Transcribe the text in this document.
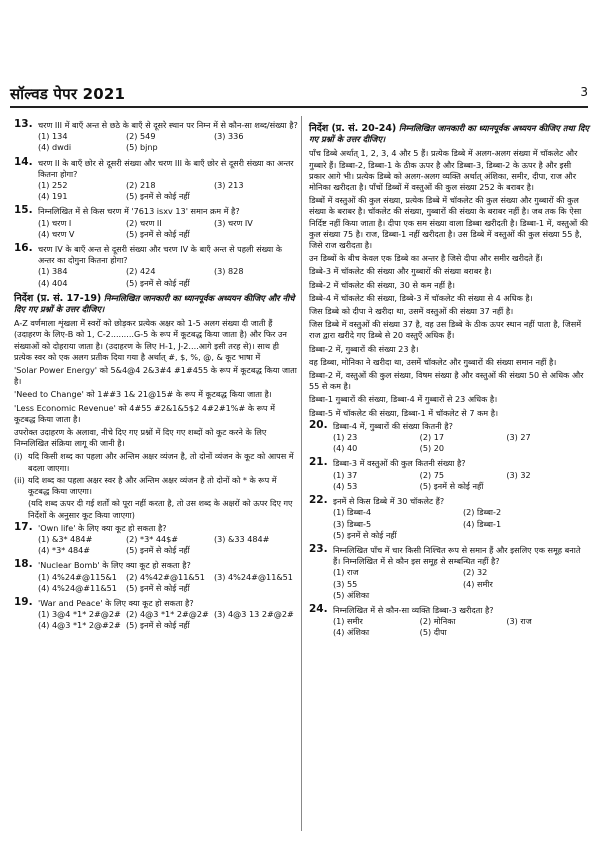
सॉल्वड पेपर 2021	3
13. चरण III में बाएँ अन्त से छठे के बाएँ से दूसरे स्थान पर निम्न में से कौन-सा शब्द/संख्या है?
(1) 134	(2) 549	(3) 336
(4) dwdi	(5) bjnp
14. चरण II के बाएँ छोर से दूसरी संख्या और चरण III के बाएँ छोर से दूसरी संख्या का अन्तर कितना होगा?
(1) 252	(2) 218	(3) 213
(4) 191	(5) इनमें से कोई नहीं
15. निम्नलिखित में से किस चरण में '7613 isxv 13' समान क्रम में है?
(1) चरण I	(2) चरण II	(3) चरण IV
(4) चरण V	(5) इनमें से कोई नहीं
16. चरण IV के बाएँ अन्त से दूसरी संख्या और चरण IV के बाएँ अन्त से पहली संख्या के अन्तर का दोगुना कितना होगा?
(1) 384	(2) 424	(3) 828
(4) 404	(5) इनमें से कोई नहीं
निर्देश (प्र. सं. 17-19) निम्नलिखित जानकारी का ध्यानपूर्वक अध्ययन कीजिए और नीचे दिए गए प्रश्नों के उत्तर दीजिए।

A-Z वर्णमाला शृंखला में स्वरों को छोड़कर प्रत्येक अक्षर को 1-5 अलग संख्या दी जाती हैं (उदाहरण के लिए-B को 1, C-2.........G-5 के रूप में कूटबद्ध किया जाता है) और फिर उन संख्याओं को दोहराया जाता है। (उदाहरण के लिए H-1, J-2....आगे इसी तरह से)। साथ ही प्रत्येक स्वर को एक अलग प्रतीक दिया गया है अर्थात् #, $, %, @, & कूट भाषा में

'Solar Power Energy' को 5&4@4 2&3#4 #1#455 के रूप में कूटबद्ध किया जाता है।

'Need to Change' को 1##3 1& 21@15# के रूप में कूटबद्ध किया जाता है।

'Less Economic Revenue' को 4#55 #2&1&5$2 4#2#1%# के रूप में कूटबद्ध किया जाता है।

उपरोक्त उदाहरण के अलावा, नीचे दिए गए प्रश्नों में दिए गए शब्दों को कूट करने के लिए निम्नलिखित संक्रिया लागू की जानी है।

(i) यदि किसी शब्द का पहला और अन्तिम अक्षर व्यंजन है, तो दोनों व्यंजन के कूट को आपस में बदला जाएगा।
(ii) यदि शब्द का पहला अक्षर स्वर है और अन्तिम अक्षर व्यंजन है तो दोनों को * के रूप में कूटबद्ध किया जाएगा।

(यदि शब्द ऊपर दी गई शर्तों को पूरा नहीं करता है, तो उस शब्द के अक्षरों को ऊपर दिए गए निर्देशों के अनुसार कूट किया जाएगा)

17. 'Own life' के लिए क्या कूट हो सकता है?
(1) &3* 484#	(2) *3* 44$#	(3) &33 484#
(4) *3* 484#	(5) इनमें से कोई नहीं
18. 'Nuclear Bomb' के लिए क्या कूट हो सकता है?
(1) 4%24#@115&1	(2) 4%42#@11&51	(3) 4%24#@11&51
(4) 4%24@#11&51	(5) इनमें से कोई नहीं
19. 'War and Peace' के लिए क्या कूट हो सकता है?
(1) 3@4 *1* 2#@2# (2) 4@3 *1* 2#@2# (3) 4@3 13 2#@2#
(4) 4@3 *1* 2@#2# (5) इनमें से कोई नहीं
निर्देश (प्र. सं. 20-24) निम्नलिखित जानकारी का ध्यानपूर्वक अध्ययन कीजिए तथा दिए गए प्रश्नों के उत्तर दीजिए।

पाँच डिब्बे अर्थात् 1, 2, 3, 4 और 5 हैं। प्रत्येक डिब्बे में अलग-अलग संख्या में चॉकलेट और गुब्बारे हैं। डिब्बा-2, डिब्बा-1 के ठीक ऊपर है और डिब्बा-3, डिब्बा-2 के ऊपर है और इसी प्रकार आगे भी। प्रत्येक डिब्बे को अलग-अलग व्यक्ति अर्थात् अंशिका, समीर, दीपा, राज और मोनिका खरीदता है। पाँचों डिब्बों में वस्तुओं की कुल संख्या 252 के बराबर है।

डिब्बों में वस्तुओं की कुल संख्या, प्रत्येक डिब्बे में चॉकलेट की कुल संख्या और गुब्बारों की कुल संख्या के बराबर है। चॉकलेट की संख्या, गुब्बारों की संख्या के बराबर नहीं है। जब तक कि ऐसा निर्दिष्ट नहीं किया जाता है। दीपा एक सम संख्या वाला डिब्बा खरीदती है। डिब्बा-1 में, वस्तुओं की कुल संख्या 75 है। राज, डिब्बा-1 नहीं खरीदता है। उस डिब्बे में वस्तुओं की कुल संख्या 55 है, जिसे राज खरीदता है।

उन डिब्बों के बीच केवल एक डिब्बे का अन्तर है जिसे दीपा और समीर खरीदते हैं।

डिब्बे-3 में चॉकलेट की संख्या और गुब्बारों की संख्या बराबर है।

डिब्बे-2 में चॉकलेट की संख्या, 30 से कम नहीं है।

डिब्बे-4 में चॉकलेट की संख्या, डिब्बे-3 में चॉकलेट की संख्या से 4 अधिक है।

जिस डिब्बे को दीपा ने खरीदा था, उसमें वस्तुओं की संख्या 37 नहीं है।

जिस डिब्बे में वस्तुओं की संख्या 37 है, वह उस डिब्बे के ठीक ऊपर स्थान नहीं पाता है, जिसमें राज द्वारा खरीदे गए डिब्बे से 20 वस्तुएँ अधिक हैं।

डिब्बा-2 में, गुब्बारों की संख्या 23 है।

वह डिब्बा, मोनिका ने खरीदा था, उसमें चॉकलेट और गुब्बारों की संख्या समान नहीं है।

डिब्बा-2 में, वस्तुओं की कुल संख्या, विषम संख्या है और वस्तुओं की संख्या 50 से अधिक और 55 से कम है।

डिब्बा-1 गुब्बारों की संख्या, डिब्बा-4 में गुब्बारों से 23 अधिक है।

डिब्बा-5 में चॉकलेट की संख्या, डिब्बा-1 में चॉकलेट से 7 कम है।

20. डिब्बा-4 में, गुब्बारों की संख्या कितनी है?
(1) 23	(2) 17	(3) 27
(4) 40	(5) 20
21. डिब्बा-3 में वस्तुओं की कुल कितनी संख्या है?
(1) 37	(2) 75	(3) 32
(4) 53	(5) इनमें से कोई नहीं
22. इनमें से किस डिब्बे में 30 चॉकलेट हैं?
(1) डिब्बा-4	(2) डिब्बा-2
(3) डिब्बा-5	(4) डिब्बा-1
(5) इनमें से कोई नहीं
23. निम्नलिखित पाँच में चार किसी निश्चित रूप से समान हैं और इसलिए एक समूह बनाते हैं। निम्नलिखित में से कौन इस समूह से सम्बन्धित नहीं है?
(1) राज	(2) 32
(3) 55	(4) समीर
(5) अंशिका
24. निम्नलिखित में से कौन-सा व्यक्ति डिब्बा-3 खरीदता है?
(1) समीर	(2) मोनिका	(3) राज
(4) अंशिका	(5) दीपा
